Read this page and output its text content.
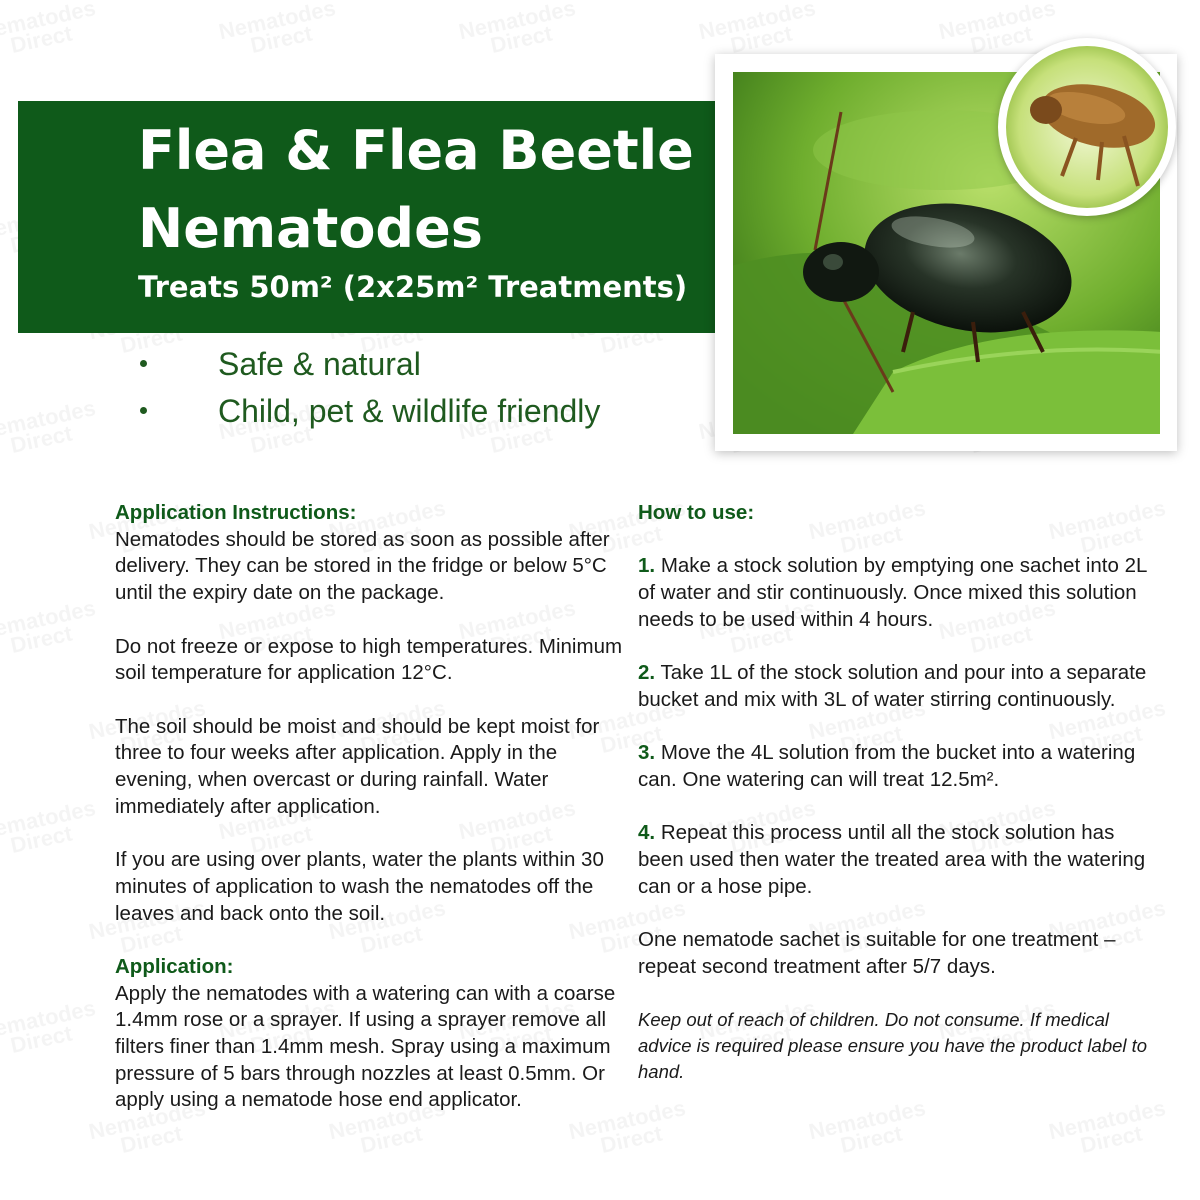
Flea & Flea Beetle Nematodes
Treats 50m² (2x25m² Treatments)
Safe & natural
Child, pet & wildlife friendly
Application Instructions:

Nematodes should be stored as soon as possible after delivery. They can be stored in the fridge or below 5°C until the expiry date on the package.

Do not freeze or expose to high temperatures. Minimum soil temperature for application 12°C.

The soil should be moist and should be kept moist for three to four weeks after application. Apply in the evening, when overcast or during rainfall. Water immediately after application.

If you are using over plants, water the plants within 30 minutes of application to wash the nematodes off the leaves and back onto the soil.

Application:

Apply the nematodes with a watering can with a coarse 1.4mm rose or a sprayer. If using a sprayer remove all filters finer than 1.4mm mesh. Spray using a maximum pressure of 5 bars through nozzles at least 0.5mm. Or apply using a nematode hose end applicator.

How to use:

1. Make a stock solution by emptying one sachet into 2L of water and stir continuously. Once mixed this solution needs to be used within 4 hours.

2. Take 1L of the stock solution and pour into a separate bucket and mix with 3L of water stirring continuously.

3. Move the 4L solution from the bucket into a watering can. One watering can will treat 12.5m².

4. Repeat this process until all the stock solution has been used then water the treated area with the watering can or a hose pipe.

One nematode sachet is suitable for one treatment – repeat second treatment after 5/7 days.

Keep out of reach of children. Do not consume. If medical advice is required please ensure you have the product label to hand.
